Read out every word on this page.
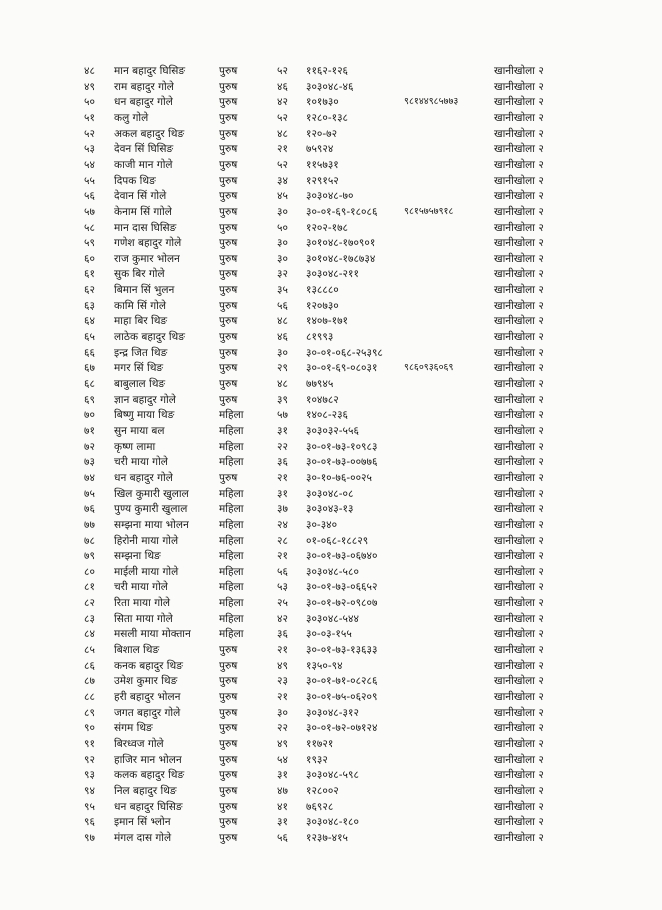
४८	मान बहादुर घिसिङ	पुरुष	५२	११६२-१२६	खानीखोला २
४९	राम बहादुर गोले	पुरुष	४६	३०३०४८-४६	खानीखोला २
५०	धन बहादुर गोले	पुरुष	४२	१०१७३०	९८१४४९८५७७३	खानीखोला २
५१	कलु गोले	पुरुष	५२	१२८०-१३८	खानीखोला २
५२	अकल बहादुर थिङ	पुरुष	४८	१२०-७२	खानीखोला २
५३	देवन सिं घिसिङ	पुरुष	२१	७५९२४	खानीखोला २
५४	काजी मान गोले	पुरुष	५२	११५७३१	खानीखोला २
५५	दिपक थिङ	पुरुष	३४	१२९१५२	खानीखोला २
५६	देवान सिं गोले	पुरुष	४५	३०३०४८-७०	खानीखोला २
५७	केनाम सिं गाोले	पुरुष	३०	३०-०१-६९-१८०८६	९८१५७५७९१८	खानीखोला २
५८	मान दास घिसिङ	पुरुष	५०	१२०२-१७८	खानीखोला २
५९	गणेश बहादुर गोले	पुरुष	३०	३०१०४८-१७०९०१	खानीखोला २
६०	राज कुमार भोलन	पुरुष	३०	३०१०४८-१७८७३४	खानीखोला २
६१	सुक बिर गोले	पुरुष	३२	३०३०४८-२११	खानीखोला २
६२	बिमान सिं भुलन	पुरुष	३५	१३८८८०	खानीखोला २
६३	कामि सिं गोले	पुरुष	५६	१२०७३०	खानीखोला २
६४	माहा बिर थिङ	पुरुष	४८	१४०७-१७१	खानीखोला २
६५	लाठेक बहादुर थिङ	पुरुष	४६	८१९९३	खानीखोला २
६६	इन्द्र जित थिङ	पुरुष	३०	३०-०१-०६८-२५३९८	खानीखोला २
६७	मगर सिं थिङ	पुरुष	२९	३०-०१-६९-०८०३१	९८६०९३६०६९	खानीखोला २
६८	बाबुलाल थिङ	पुरुष	४८	७७९४५	खानीखोला २
६९	ज्ञान बहादुर गोले	पुरुष	३९	१०४७८२	खानीखोला २
७०	बिष्णु माया थिङ	महिला	५७	१४०८-२३६	खानीखोला २
७१	सुन माया बल	महिला	३१	३०३०३२-५५६	खानीखोला २
७२	कृष्ण लामा	महिला	२२	३०-०१-७३-१०९८३	खानीखोला २
७३	चरी माया गोले	महिला	३६	३०-०१-७३-००७७६	खानीखोला २
७४	धन बहादुर गोले	पुरुष	२१	३०-१०-७६-००२५	खानीखोला २
७५	खिल कुमारी खुलाल	महिला	३१	३०३०४८-०८	खानीखोला २
७६	पुण्य कुमारी खुलाल	महिला	३७	३०३०४३-१३	खानीखोला २
७७	सम्झना माया भोलन	महिला	२४	३०-३४०	खानीखोला २
७८	हिरोनी माया गोले	महिला	२८	०१-०६८-१८८२९	खानीखोला २
७९	सम्झना थिङ	महिला	२१	३०-०१-७३-०६७४०	खानीखोला २
८०	माईली माया गोले	महिला	५६	३०३०४८-५८०	खानीखोला २
८१	चरी माया गोले	महिला	५३	३०-०१-७३-०६६५२	खानीखोला २
८२	रिता माया गोले	महिला	२५	३०-०१-७२-०९८०७	खानीखोला २
८३	सिता माया गोले	महिला	४२	३०३०४८-५४४	खानीखोला २
८४	मसली माया मोक्तान	महिला	३६	३०-०३-१५५	खानीखोला २
८५	बिशाल थिङ	पुरुष	२१	३०-०१-७३-१३६३३	खानीखोला २
८६	कनक बहादुर थिङ	पुरुष	४९	१३५०-९४	खानीखोला २
८७	उमेश कुमार थिङ	पुरुष	२३	३०-०१-७१-०८२८६	खानीखोला २
८८	हरी बहादुर भोलन	पुरुष	२१	३०-०१-७५-०६२०९	खानीखोला २
८९	जगत बहादुर गोले	पुरुष	३०	३०३०४८-३१२	खानीखोला २
९०	संगम थिङ	पुरुष	२२	३०-०१-७२-०७१२४	खानीखोला २
९१	बिरध्वज गोले	पुरुष	४९	११७२१	खानीखोला २
९२	हाजिर मान भोलन	पुरुष	५४	१९३२	खानीखोला २
९३	कलक बहादुर थिङ	पुरुष	३१	३०३०४८-५९८	खानीखोला २
९४	निल बहादुर थिङ	पुरुष	४७	१२८००२	खानीखोला २
९५	धन बहादुर घिसिङ	पुरुष	४१	७६९२८	खानीखोला २
९६	इमान सिं भ्लोन	पुरुष	३१	३०३०४८-१८०	खानीखोला २
९७	मंगल दास गोले	पुरुष	५६	१२३७-४१५	खानीखोला २
